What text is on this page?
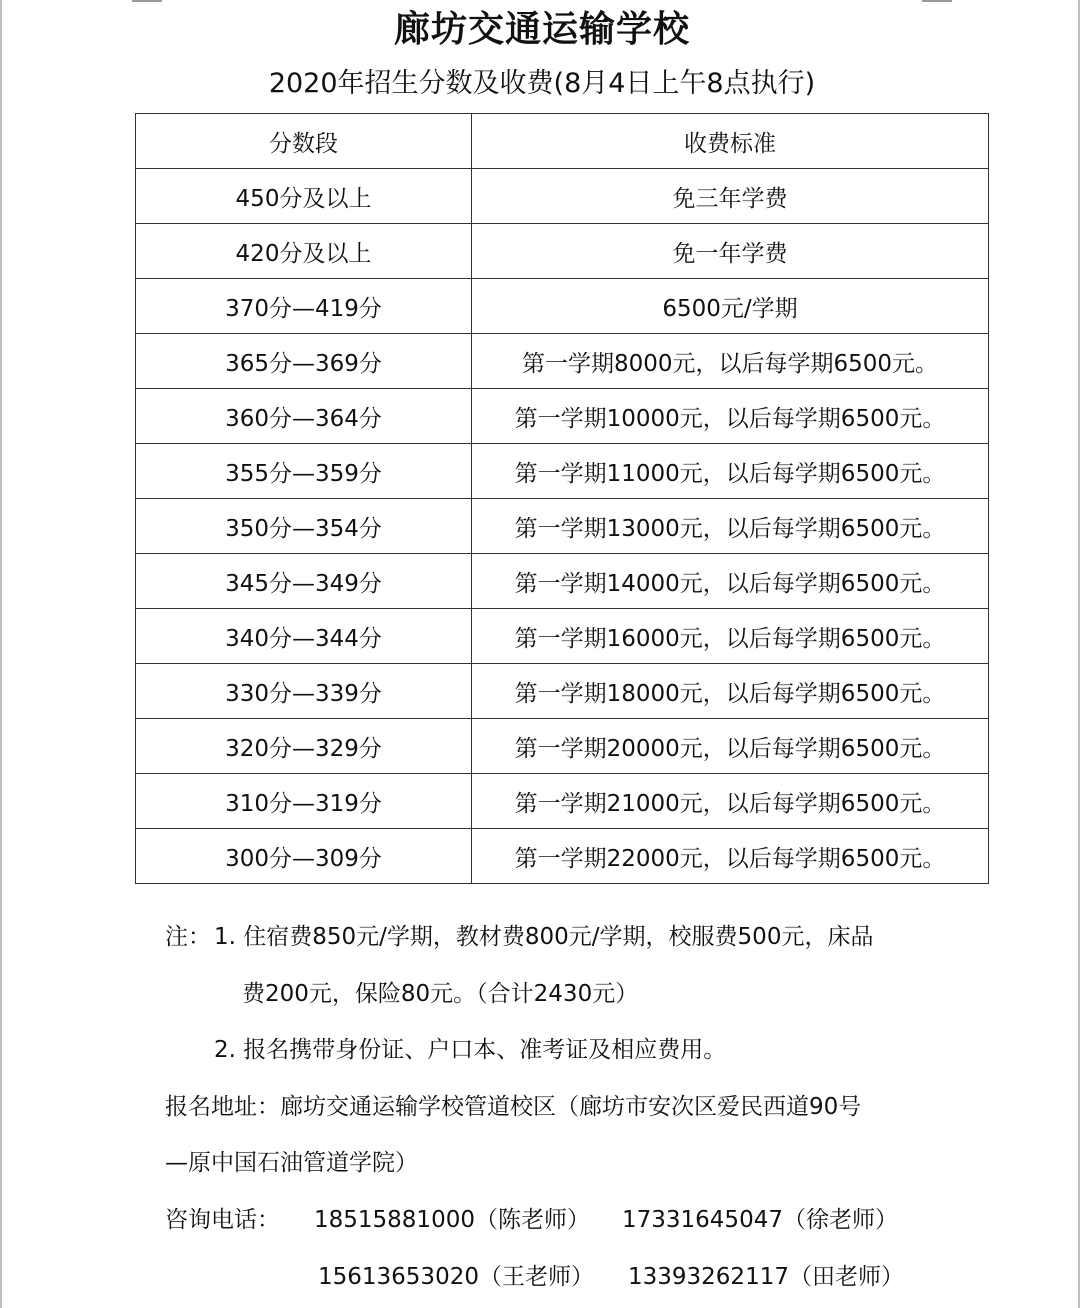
廊坊交通运输学校
2020年招生分数及收费(8月4日上午8点执行)
分数段	收费标准
450分及以上	免三年学费
420分及以上	免一年学费
370分—419分	6500元/学期
365分—369分	第一学期8000元，以后每学期6500元。
360分—364分	第一学期10000元，以后每学期6500元。
355分—359分	第一学期11000元，以后每学期6500元。
350分—354分	第一学期13000元，以后每学期6500元。
345分—349分	第一学期14000元，以后每学期6500元。
340分—344分	第一学期16000元，以后每学期6500元。
330分—339分	第一学期18000元，以后每学期6500元。
320分—329分	第一学期20000元，以后每学期6500元。
310分—319分	第一学期21000元，以后每学期6500元。
300分—309分	第一学期22000元，以后每学期6500元。
注： 1. 住宿费850元/学期，教材费800元/学期，校服费500元，床品
费200元，保险80元。（合计2430元）
2. 报名携带身份证、户口本、准考证及相应费用。
报名地址：廊坊交通运输学校管道校区（廊坊市安次区爱民西道90号
—原中国石油管道学院）
咨询电话： 18515881000（陈老师） 17331645047（徐老师）
15613653020（王老师） 13393262117（田老师）
